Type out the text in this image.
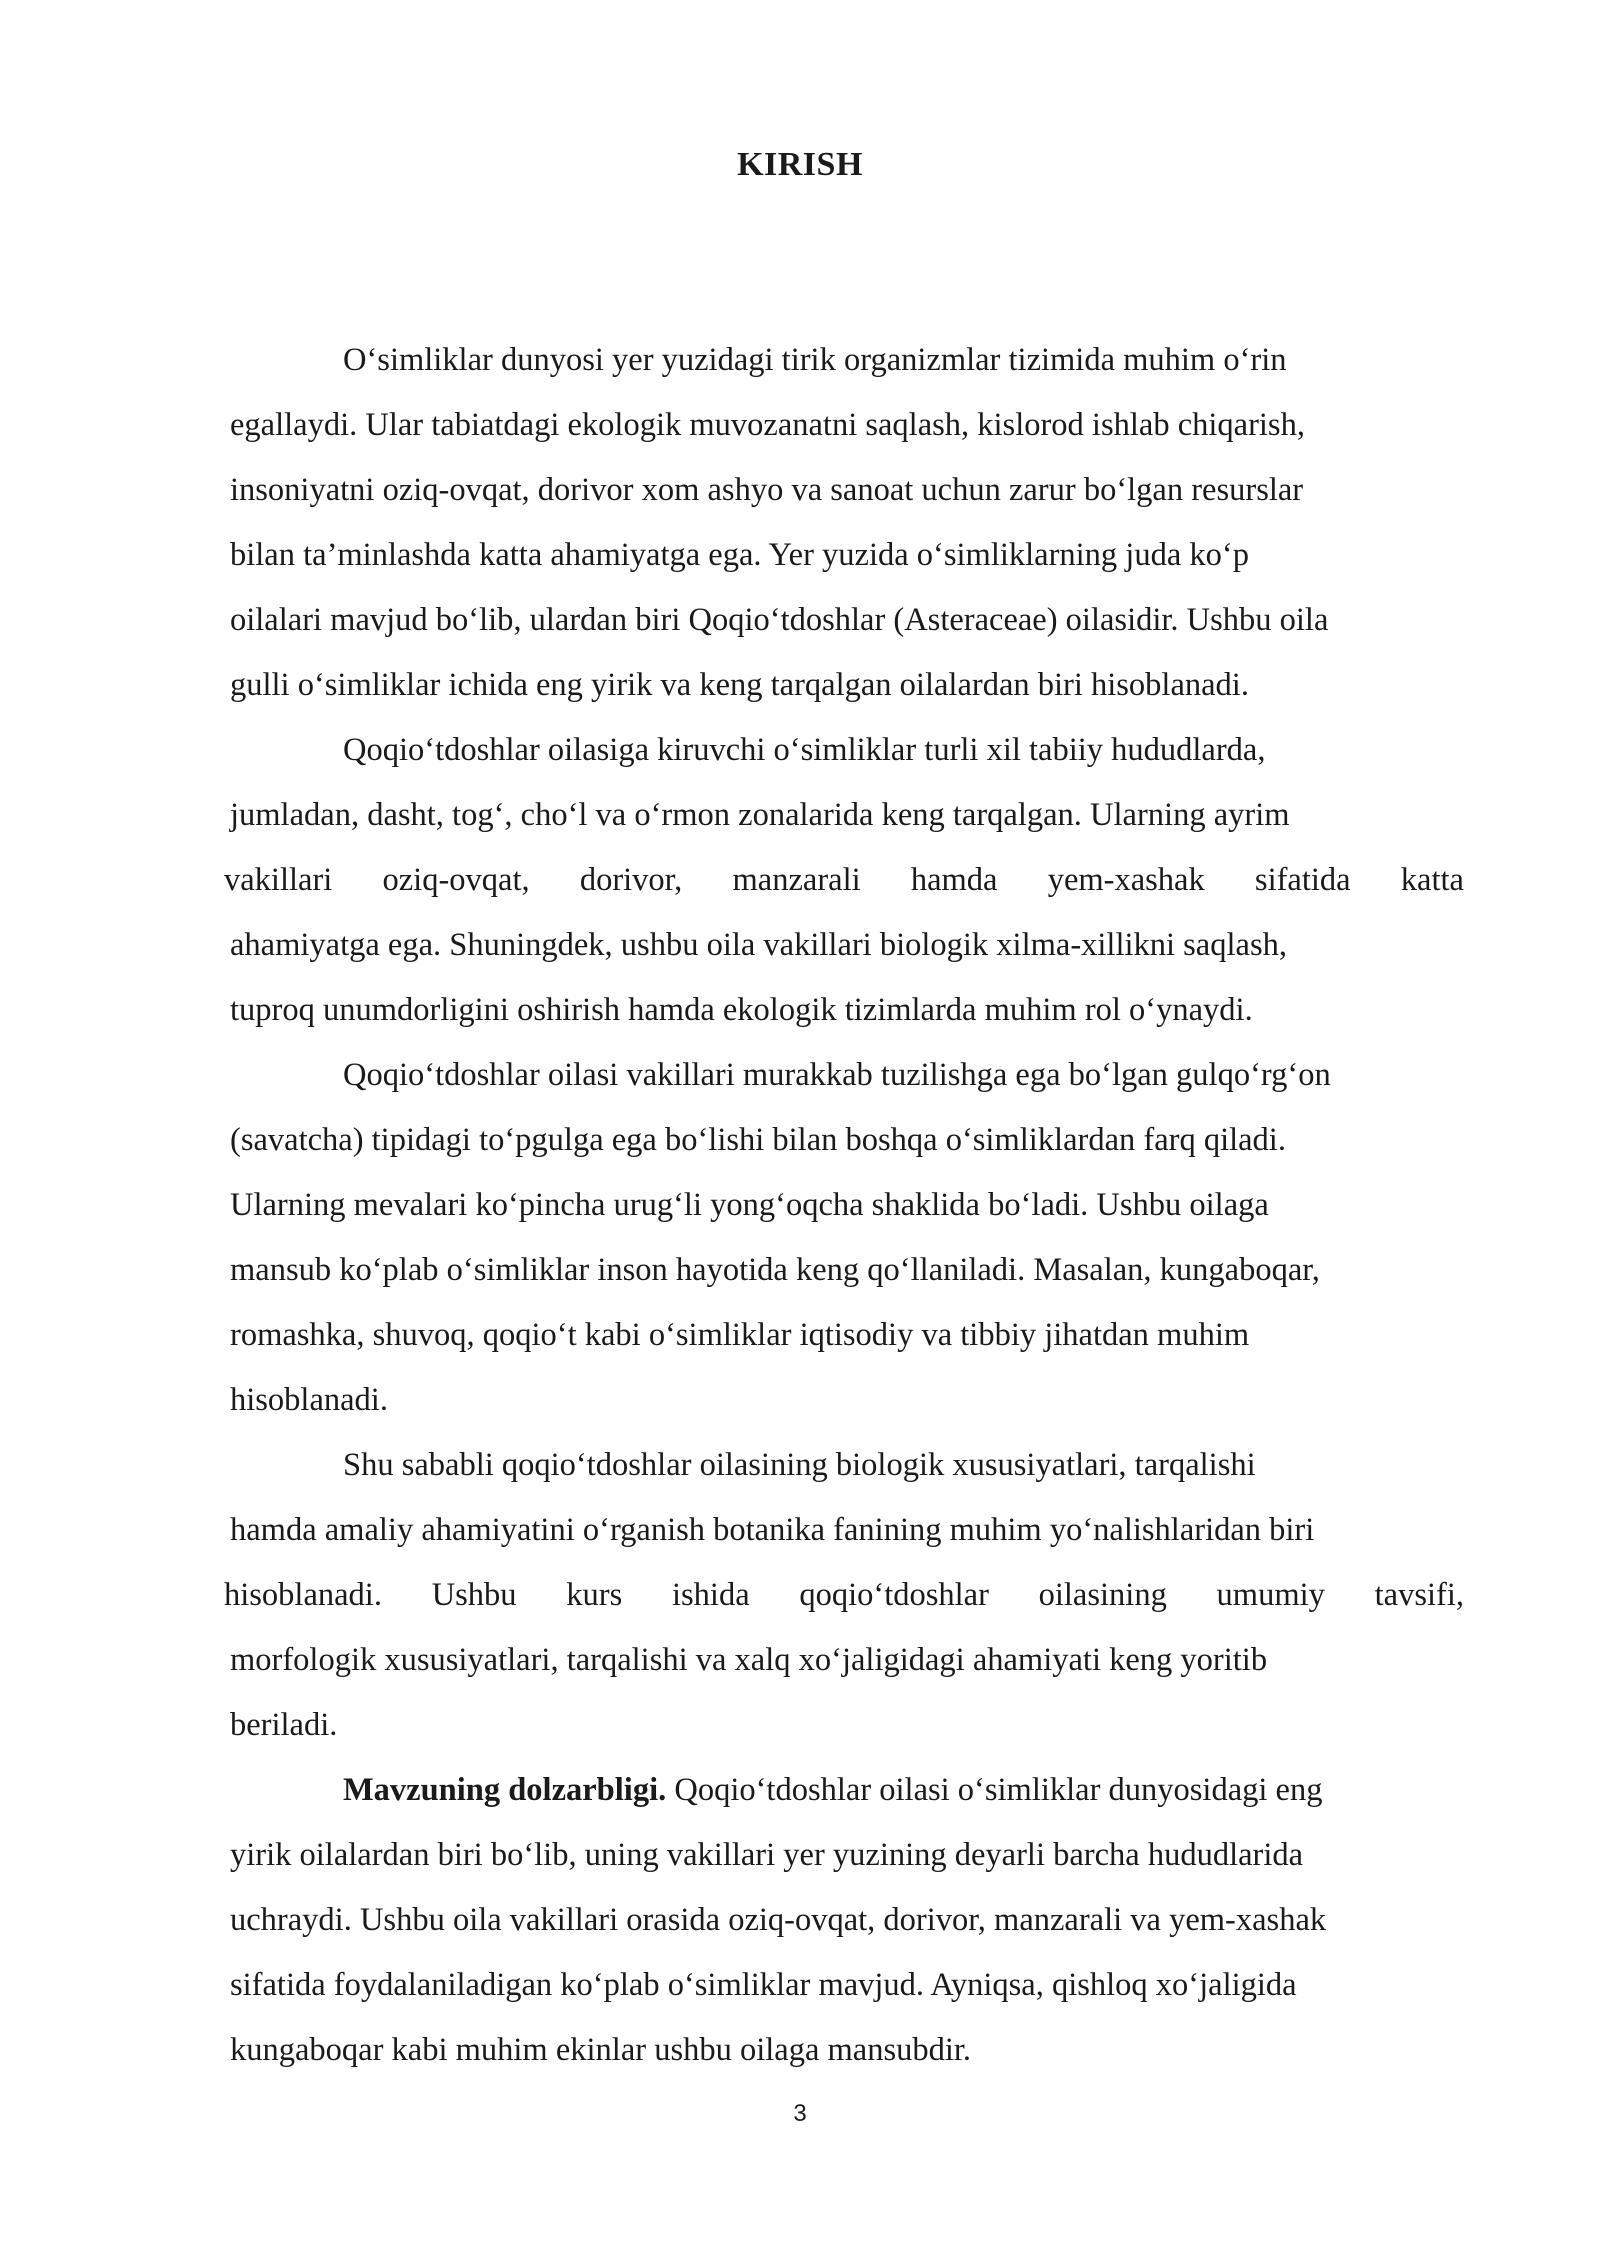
KIRISH
O‘simliklar dunyosi yer yuzidagi tirik organizmlar tizimida muhim o‘rin
egallaydi. Ular tabiatdagi ekologik muvozanatni saqlash, kislorod ishlab chiqarish,
insoniyatni oziq-ovqat, dorivor xom ashyo va sanoat uchun zarur bo‘lgan resurslar
bilan ta’minlashda katta ahamiyatga ega. Yer yuzida o‘simliklarning juda ko‘p
oilalari mavjud bo‘lib, ulardan biri Qoqio‘tdoshlar (Asteraceae) oilasidir. Ushbu oila
gulli o‘simliklar ichida eng yirik va keng tarqalgan oilalardan biri hisoblanadi.
Qoqio‘tdoshlar oilasiga kiruvchi o‘simliklar turli xil tabiiy hududlarda,
jumladan, dasht, tog‘, cho‘l va o‘rmon zonalarida keng tarqalgan. Ularning ayrim
vakillari oziq-ovqat, dorivor, manzarali hamda yem-xashak sifatida katta
ahamiyatga ega. Shuningdek, ushbu oila vakillari biologik xilma-xillikni saqlash,
tuproq unumdorligini oshirish hamda ekologik tizimlarda muhim rol o‘ynaydi.
Qoqio‘tdoshlar oilasi vakillari murakkab tuzilishga ega bo‘lgan gulqo‘rg‘on
(savatcha) tipidagi to‘pgulga ega bo‘lishi bilan boshqa o‘simliklardan farq qiladi.
Ularning mevalari ko‘pincha urug‘li yong‘oqcha shaklida bo‘ladi. Ushbu oilaga
mansub ko‘plab o‘simliklar inson hayotida keng qo‘llaniladi. Masalan, kungaboqar,
romashka, shuvoq, qoqio‘t kabi o‘simliklar iqtisodiy va tibbiy jihatdan muhim
hisoblanadi.
Shu sababli qoqio‘tdoshlar oilasining biologik xususiyatlari, tarqalishi
hamda amaliy ahamiyatini o‘rganish botanika fanining muhim yo‘nalishlaridan biri
hisoblanadi. Ushbu kurs ishida qoqio‘tdoshlar oilasining umumiy tavsifi,
morfologik xususiyatlari, tarqalishi va xalq xo‘jaligidagi ahamiyati keng yoritib
beriladi.
Mavzuning dolzarbligi. Qoqio‘tdoshlar oilasi o‘simliklar dunyosidagi eng
yirik oilalardan biri bo‘lib, uning vakillari yer yuzining deyarli barcha hududlarida
uchraydi. Ushbu oila vakillari orasida oziq-ovqat, dorivor, manzarali va yem-xashak
sifatida foydalaniladigan ko‘plab o‘simliklar mavjud. Ayniqsa, qishloq xo‘jaligida
kungaboqar kabi muhim ekinlar ushbu oilaga mansubdir.
3
